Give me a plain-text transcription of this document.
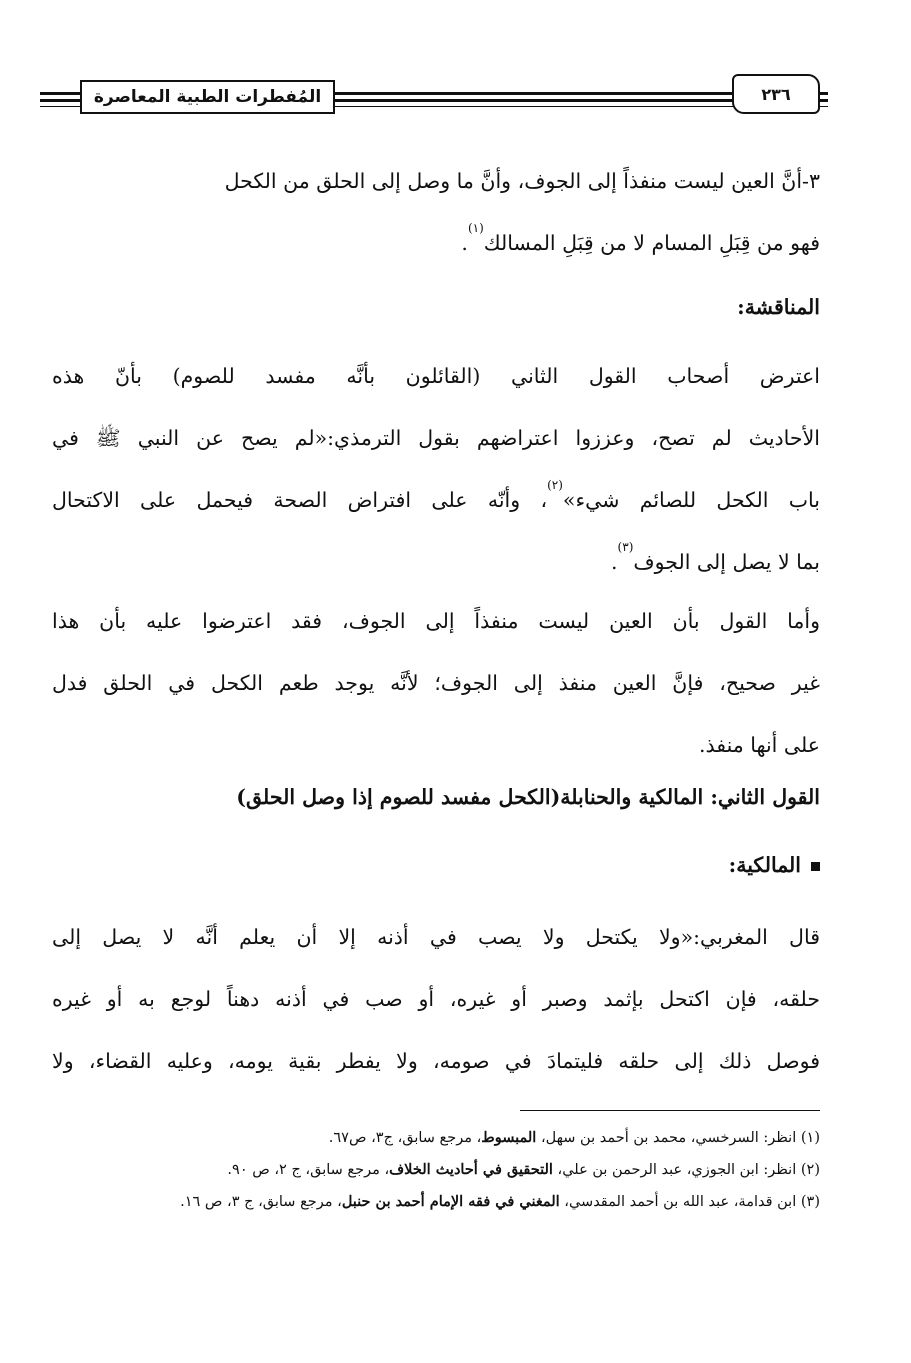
المُفطرات الطبية المعاصرة	٢٣٦
٣-أنَّ العين ليست منفذاً إلى الجوف، وأنَّ ما وصل إلى الحلق من الكحل
فهو من قِبَلِ المسام لا من قِبَلِ المسالك$^{(١)}$.
المناقشة:
اعترض أصحاب القول الثاني (القائلون بأنَّه مفسد للصوم) بأنّ هذه
الأحاديث لم تصح، وعززوا اعتراضهم بقول الترمذي:«لم يصح عن النبي ﷺ في
باب الكحل للصائم شيء»$^{(٢)}$، وأنّه على افتراض الصحة فيحمل على الاكتحال
بما لا يصل إلى الجوف$^{(٣)}$.
وأما القول بأن العين ليست منفذاً إلى الجوف، فقد اعترضوا عليه بأن هذا
غير صحيح، فإنَّ العين منفذ إلى الجوف؛ لأنَّه يوجد طعم الكحل في الحلق فدل
على أنها منفذ.
القول الثاني: المالكية والحنابلة(الكحل مفسد للصوم إذا وصل الحلق)
المالكية:
قال المغربي:«ولا يكتحل ولا يصب في أذنه إلا أن يعلم أنَّه لا يصل إلى
حلقه، فإن اكتحل بإثمد وصبر أو غيره، أو صب في أذنه دهناً لوجع به أو غيره
فوصل ذلك إلى حلقه فليتمادَ في صومه، ولا يفطر بقية يومه، وعليه القضاء، ولا
(١) انظر: السرخسي، محمد بن أحمد بن سهل، المبسوط، مرجع سابق، ج٣، ص٦٧.
(٢) انظر: ابن الجوزي، عبد الرحمن بن علي، التحقيق في أحاديث الخلاف، مرجع سابق، ج ٢، ص ٩٠.
(٣) ابن قدامة، عبد الله بن أحمد المقدسي، المغني في فقه الإمام أحمد بن حنبل، مرجع سابق، ج ٣، ص ١٦.
